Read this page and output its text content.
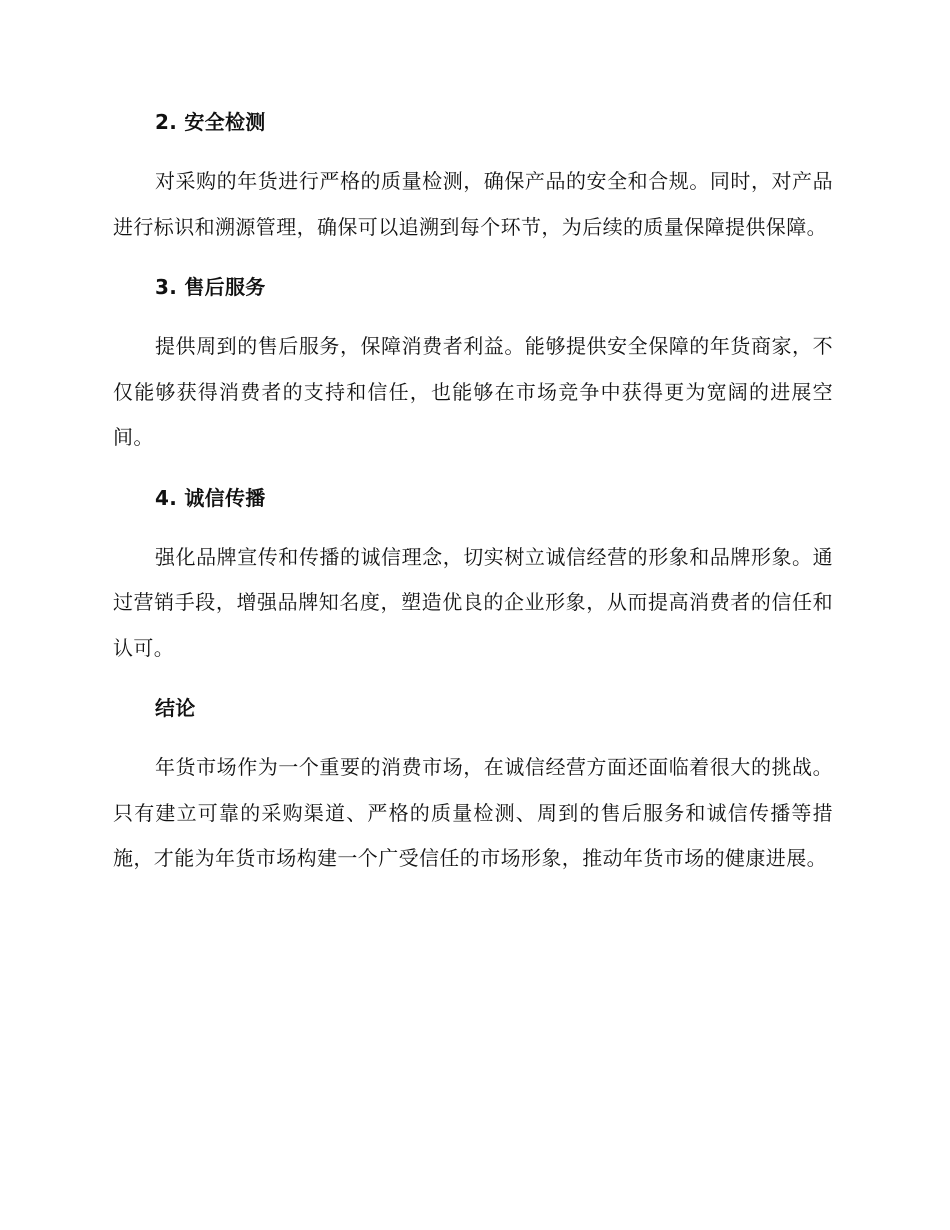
2. 安全检测

对采购的年货进行严格的质量检测，确保产品的安全和合规。同时，对产品进行标识和溯源管理，确保可以追溯到每个环节，为后续的质量保障提供保障。

3. 售后服务

提供周到的售后服务，保障消费者利益。能够提供安全保障的年货商家，不仅能够获得消费者的支持和信任，也能够在市场竞争中获得更为宽阔的进展空间。

4. 诚信传播

强化品牌宣传和传播的诚信理念，切实树立诚信经营的形象和品牌形象。通过营销手段，增强品牌知名度，塑造优良的企业形象，从而提高消费者的信任和认可。

结论

年货市场作为一个重要的消费市场，在诚信经营方面还面临着很大的挑战。只有建立可靠的采购渠道、严格的质量检测、周到的售后服务和诚信传播等措施，才能为年货市场构建一个广受信任的市场形象，推动年货市场的健康进展。
